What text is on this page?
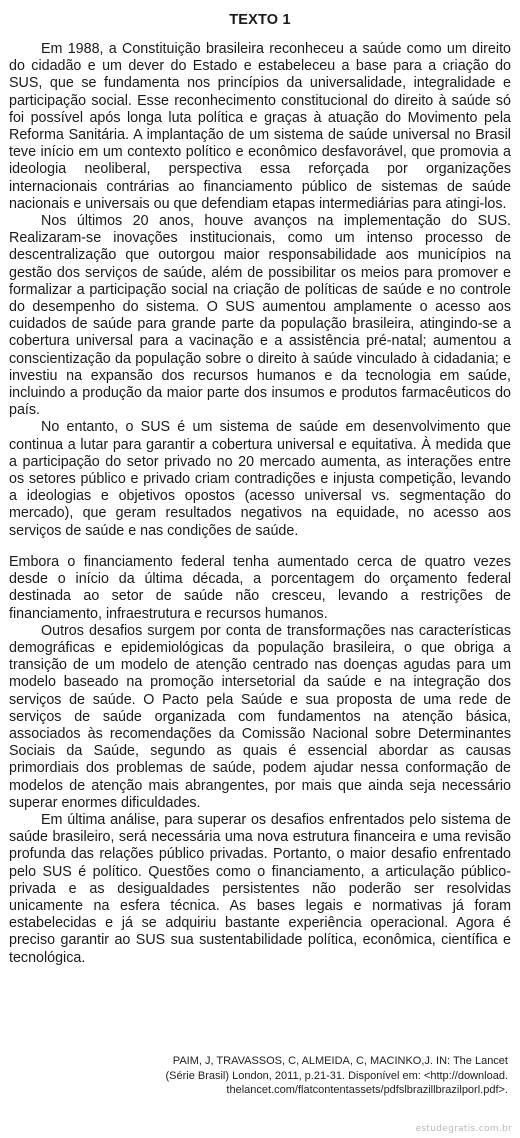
TEXTO 1

Em 1988, a Constituição brasileira reconheceu a saúde como um direito do cidadão e um dever do Estado e estabeleceu a base para a criação do SUS, que se fundamenta nos princípios da universalidade, integralidade e participação social. Esse reconhecimento constitucional do direito à saúde só foi possível após longa luta política e graças à atuação do Movimento pela Reforma Sanitária. A implantação de um sistema de saúde universal no Brasil teve início em um contexto político e econômico desfavorável, que promovia a ideologia neoliberal, perspectiva essa reforçada por organizações internacionais contrárias ao financiamento público de sistemas de saúde nacionais e universais ou que defendiam etapas intermediárias para atingi-los.

Nos últimos 20 anos, houve avanços na implementação do SUS. Realizaram-se inovações institucionais, como um intenso processo de descentralização que outorgou maior responsabilidade aos municípios na gestão dos serviços de saúde, além de possibilitar os meios para promover e formalizar a participação social na criação de políticas de saúde e no controle do desempenho do sistema. O SUS aumentou amplamente o acesso aos cuidados de saúde para grande parte da população brasileira, atingindo-se a cobertura universal para a vacinação e a assistência pré-natal; aumentou a conscientização da população sobre o direito à saúde vinculado à cidadania; e investiu na expansão dos recursos humanos e da tecnologia em saúde, incluindo a produção da maior parte dos insumos e produtos farmacêuticos do país.

No entanto, o SUS é um sistema de saúde em desenvolvimento que continua a lutar para garantir a cobertura universal e equitativa. À medida que a participação do setor privado no 20 mercado aumenta, as interações entre os setores público e privado criam contradições e injusta competição, levando a ideologias e objetivos opostos (acesso universal vs. segmentação do mercado), que geram resultados negativos na equidade, no acesso aos serviços de saúde e nas condições de saúde.

Embora o financiamento federal tenha aumentado cerca de quatro vezes desde o início da última década, a porcentagem do orçamento federal destinada ao setor de saúde não cresceu, levando a restrições de financiamento, infraestrutura e recursos humanos.

Outros desafios surgem por conta de transformações nas características demográficas e epidemiológicas da população brasileira, o que obriga a transição de um modelo de atenção centrado nas doenças agudas para um modelo baseado na promoção intersetorial da saúde e na integração dos serviços de saúde. O Pacto pela Saúde e sua proposta de uma rede de serviços de saúde organizada com fundamentos na atenção básica, associados às recomendações da Comissão Nacional sobre Determinantes Sociais da Saúde, segundo as quais é essencial abordar as causas primordiais dos problemas de saúde, podem ajudar nessa conformação de modelos de atenção mais abrangentes, por mais que ainda seja necessário superar enormes dificuldades.

Em última análise, para superar os desafios enfrentados pelo sistema de saúde brasileiro, será necessária uma nova estrutura financeira e uma revisão profunda das relações público privadas. Portanto, o maior desafio enfrentado pelo SUS é político. Questões como o financiamento, a articulação público-privada e as desigualdades persistentes não poderão ser resolvidas unicamente na esfera técnica. As bases legais e normativas já foram estabelecidas e já se adquiriu bastante experiência operacional. Agora é preciso garantir ao SUS sua sustentabilidade política, econômica, científica e tecnológica.

PAIM, J, TRAVASSOS, C, ALMEIDA, C, MACINKO,J. IN: The Lancet
(Série Brasil) London, 2011, p.21-31. Disponível em: <http://download.
thelancet.com/flatcontentassets/pdfslbrazillbrazilporl.pdf>.
estudegratis.com.br
